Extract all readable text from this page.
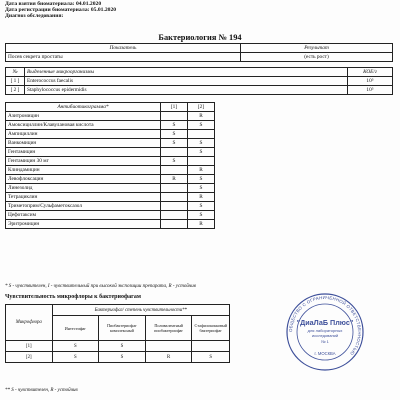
Дата взятия биоматериала: 04.01.2020
Дата регистрации биоматериала: 05.01.2020
Диагноз обследования:
Бактериология № 194
Показатель	Результат
Посев секрета простаты	(есть рост)
№	Выделенные микроорганизмы	КОЕ/г
[ 1 ]	Enterococcus faecalis	10⁵
[ 2 ]	Staphylococcus epidermidis	10⁵
Антибиотикограмма*	[1]	[2]
Азитромицин		R
Амоксициллин/Клавулановая кислота	S	S
Ампициллин	S	
Ванкомицин	S	S
Гентамицин		S
Гентамицин 30 мг	S	
Клиндамицин		R
Левофлоксацин	R	S
Линезолид		S
Тетрациклин		R
Триметоприм/Сульфаметоксазол		S
Цефотаксим		S
Эритромицин		R
* S - чувствителен, I - чувствительный при высокой экспозиции препарата, R - устойчив
Чувствительность микрофлоры к бактериофагам
Микрофлора	Бактериофаг/ степень чувствительности**			
	Интестифаг	Пиобактериофаг комплексный	Поливалентный пиобактериофаг	Стафилококковый бактериофаг
[1]	S	S		
[2]	S	S	R	S
** S - чувствителен, R - устойчив
ОБЩЕСТВО С ОГРАНИЧЕННОЙ ОТВЕТСТВЕННОСТЬЮ
"ДиаЛаБ Плюс"
для лабораторных
исследований
№ 1
г. МОСКВА
